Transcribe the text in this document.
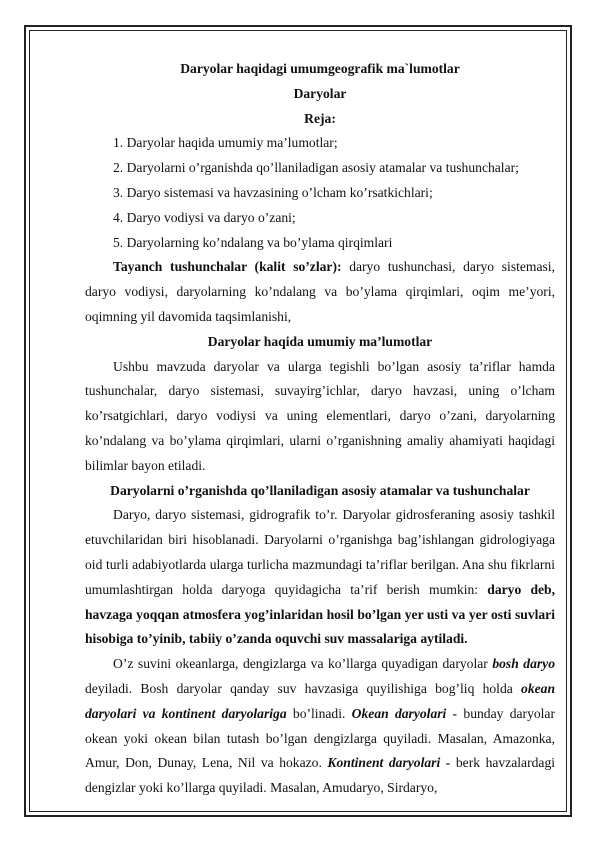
Daryolar haqidagi umumgeografik ma`lumotlar

Daryolar

Reja:

1. Daryolar haqida umumiy ma’lumotlar;

2. Daryolarni o’rganishda qo’llaniladigan asosiy atamalar va tushunchalar;

3. Daryo sistemasi va havzasining o’lcham ko’rsatkichlari;

4. Daryo vodiysi va daryo o’zani;

5. Daryolarning ko’ndalang va bo’ylama qirqimlari

Tayanch tushunchalar (kalit so’zlar): daryo tushunchasi, daryo sistemasi, daryo vodiysi, daryolarning ko’ndalang va bo’ylama qirqimlari, oqim me’yori, oqimning yil davomida taqsimlanishi,

Daryolar haqida umumiy ma’lumotlar

Ushbu mavzuda daryolar va ularga tegishli bo’lgan asosiy ta’riflar hamda tushunchalar, daryo sistemasi, suvayirg’ichlar, daryo havzasi, uning o’lcham ko’rsatgichlari, daryo vodiysi va uning elementlari, daryo o’zani, daryolarning ko’ndalang va bo’ylama qirqimlari, ularni o’rganishning amaliy ahamiyati haqidagi bilimlar bayon etiladi.

Daryolarni o’rganishda qo’llaniladigan asosiy atamalar va tushunchalar

Daryo, daryo sistemasi, gidrografik to’r. Daryolar gidrosferaning asosiy tashkil etuvchilaridan biri hisoblanadi. Daryolarni o’rganishga bag’ishlangan gidrologiyaga oid turli adabiyotlarda ularga turlicha mazmundagi ta’riflar berilgan. Ana shu fikrlarni umumlashtirgan holda daryoga quyidagicha ta’rif berish mumkin: daryo deb, havzaga yoqqan atmosfera yog’inlaridan hosil bo’lgan yer usti va yer osti suvlari hisobiga to’yinib, tabiiy o’zanda oquvchi suv massalariga aytiladi.

O’z suvini okeanlarga, dengizlarga va ko’llarga quyadigan daryolar bosh daryo deyiladi. Bosh daryolar qanday suv havzasiga quyilishiga bog’liq holda okean daryolari va kontinent daryolariga bo’linadi. Okean daryolari - bunday daryolar okean yoki okean bilan tutash bo’lgan dengizlarga quyiladi. Masalan, Amazonka, Amur, Don, Dunay, Lena, Nil va hokazo. Kontinent daryolari - berk havzalardagi dengizlar yoki ko’llarga quyiladi. Masalan, Amudaryo, Sirdaryo,
